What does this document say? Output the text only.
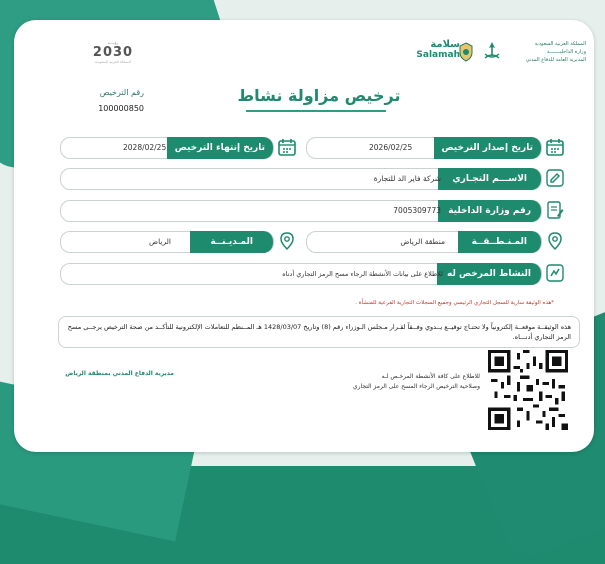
المملكة العربية السعودية
وزارة الداخليـــــــة
المديرية العامة للدفاع المدني
سلامة
Salamah
رؤيـــة
2030
المملكة العربية السعودية
ترخيص مزاولة نشاط
رقم الترخيص
100000850
تاريخ إصدار الترخيص
2026/02/25
تاريخ إنتهاء الترخيص
2028/02/25
الاســـم التجـاري
شركة فاير الد للتجارة
رقم وزارة الداخلية
7005309773
المـنـطــقــة
منطقة الرياض
المـديـنــة
الرياض
النشاط المرخص له
للاطلاع على بيانات الأنشطة الرجاء مسح الرمز التجاري أدناه
*هذه الوثيقة سارية للسجل التجاري الرئيسي وجميع السجلات التجارية الفرعية للمنشأة .
هذه الوثيقــة موقعــة إلكترونياً ولا تحتـاج توقيــع يــدوي وفــقاً لقـرار مـجلس الـوزراء رقم (8) وتاريخ 1428/03/07 هـ المــنظم للتعاملات الإلكترونية للتأكــد من صحة الترخيص يرجــى مسح الرمز التجاري أدنـــاه.
للاطلاع على كافة الأنشطة المرخـص لـه
وصلاحية الترخيص الرجاء المسح على الرمز التجاري
مديرية الدفاع المدني بمنطقة الرياض
